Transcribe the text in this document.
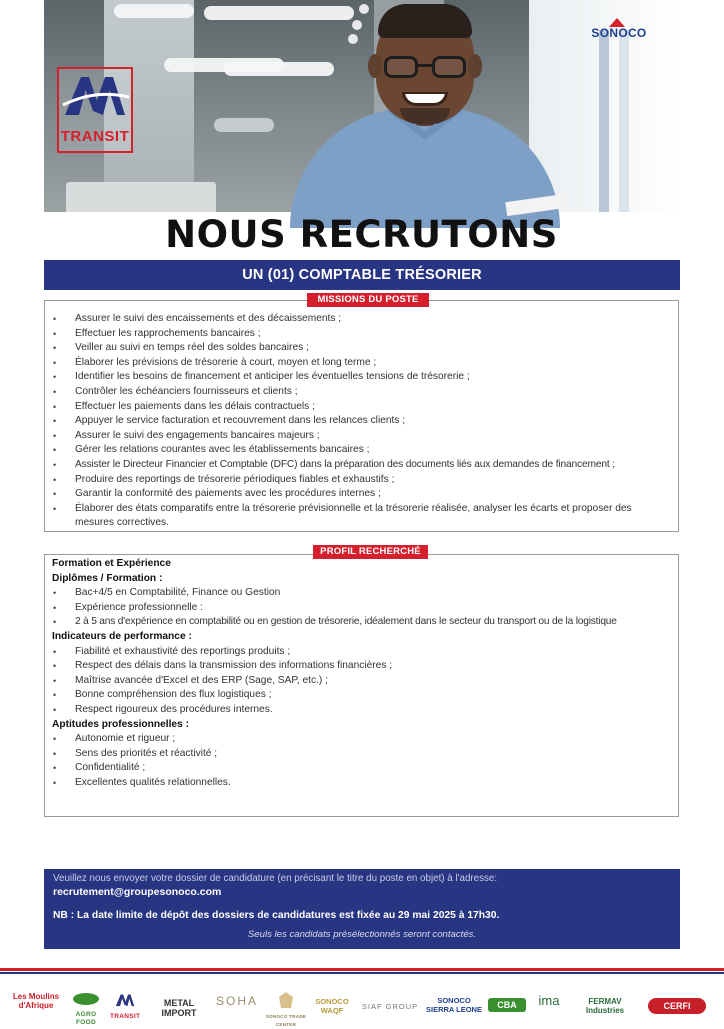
TRANSIT
SONOCO
NOUS RECRUTONS
UN (01) COMPTABLE TRÉSORIER
MISSIONS DU POSTE
• Assurer le suivi des encaissements et des décaissements ;
• Effectuer les rapprochements bancaires ;
• Veiller au suivi en temps réel des soldes bancaires ;
• Élaborer les prévisions de trésorerie à court, moyen et long terme ;
• Identifier les besoins de financement et anticiper les éventuelles tensions de trésorerie ;
• Contrôler les échéanciers fournisseurs et clients ;
• Effectuer les paiements dans les délais contractuels ;
• Appuyer le service facturation et recouvrement dans les relances clients ;
• Assurer le suivi des engagements bancaires majeurs ;
• Gérer les relations courantes avec les établissements bancaires ;
• Assister le Directeur Financier et Comptable (DFC) dans la préparation des documents liés aux demandes de financement ;
• Produire des reportings de trésorerie périodiques fiables et exhaustifs ;
• Garantir la conformité des paiements avec les procédures internes ;
• Élaborer des états comparatifs entre la trésorerie prévisionnelle et la trésorerie réalisée, analyser les écarts et proposer des mesures correctives.
PROFIL RECHERCHÉ
Formation et Expérience
Diplômes / Formation :
• Bac+4/5 en Comptabilité, Finance ou Gestion
• Expérience professionnelle :
• 2 à 5 ans d'expérience en comptabilité ou en gestion de trésorerie, idéalement dans le secteur du transport ou de la logistique
Indicateurs de performance :
• Fiabilité et exhaustivité des reportings produits ;
• Respect des délais dans la transmission des informations financières ;
• Maîtrise avancée d'Excel et des ERP (Sage, SAP, etc.) ;
• Bonne compréhension des flux logistiques ;
• Respect rigoureux des procédures internes.
Aptitudes professionnelles :
• Autonomie et rigueur ;
• Sens des priorités et réactivité ;
• Confidentialité ;
• Excellentes qualités relationnelles.
Veuillez nous envoyer votre dossier de candidature (en précisant le titre du poste en objet) à l'adresse:
recrutement@groupesonoco.com
NB : La date limite de dépôt des dossiers de candidatures est fixée au 29 mai 2025 à 17h30.
Seuls les candidats présélectionnés seront contactés.
Les Moulins d'Afrique
AGRO FOOD
TRANSIT
METAL IMPORT
SOHA
SONOCO TRADE CENTER
SONOCO WAQF	SIAF GROUP
SONOCO SIERRA LEONE	CBA	ima	FERMAV Industries	CERFI
